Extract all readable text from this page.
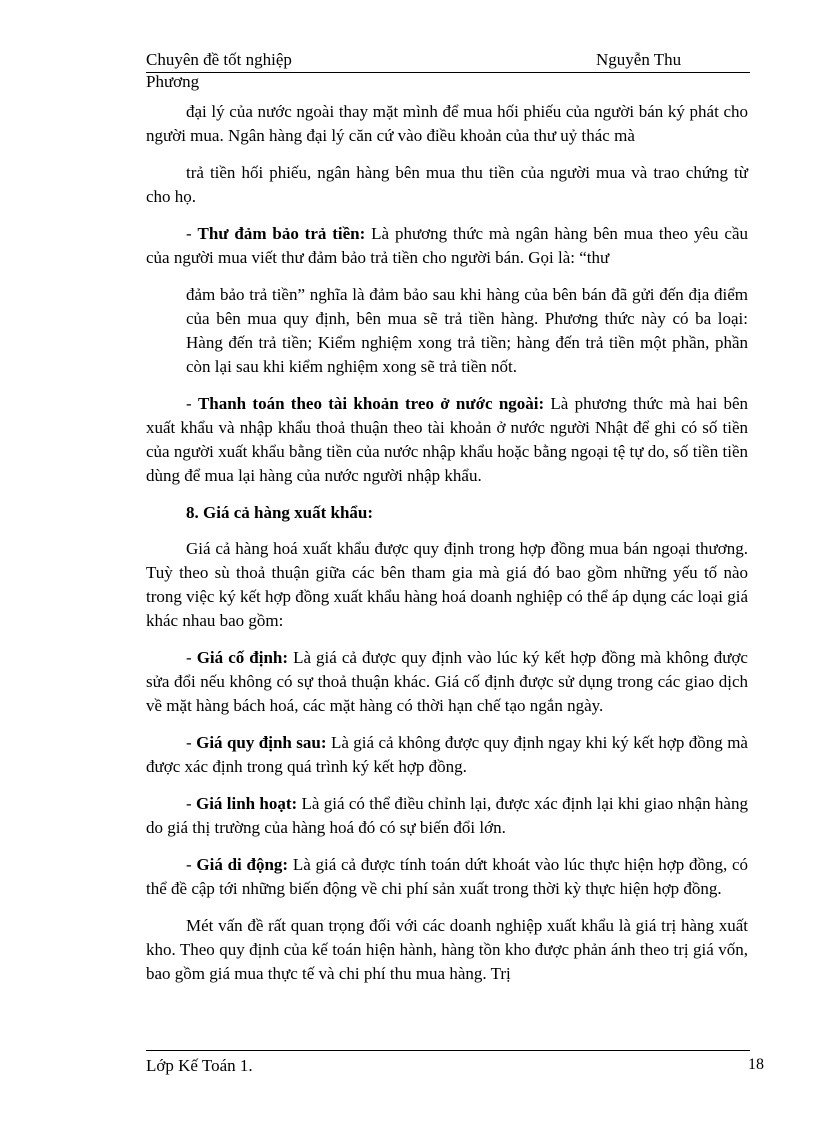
Chuyên đề tốt nghiệp	Nguyễn Thu
Phương

đại lý của nước ngoài thay mặt mình để mua hối phiếu của người bán ký phát cho người mua. Ngân hàng đại lý căn cứ vào điều khoản của thư uỷ thác mà

trả tiền hối phiếu, ngân hàng bên mua thu tiền của người mua và trao chứng từ cho họ.

- Thư đảm bảo trả tiền: Là phương thức mà ngân hàng bên mua theo yêu cầu của người mua viết thư đảm bảo trả tiền cho người bán. Gọi là: “thư

đảm bảo trả tiền” nghĩa là đảm bảo sau khi hàng của bên bán đã gửi đến địa điểm của bên mua quy định, bên mua sẽ trả tiền hàng. Phương thức này có ba loại: Hàng đến trả tiền; Kiểm nghiệm xong trả tiền; hàng đến trả tiền một phần, phần còn lại sau khi kiểm nghiệm xong sẽ trả tiền nốt.

- Thanh toán theo tài khoản treo ở nước ngoài: Là phương thức mà hai bên xuất khẩu và nhập khẩu thoả thuận theo tài khoản ở nước người Nhật để ghi có số tiền của người xuất khẩu bằng tiền của nước nhập khẩu hoặc bằng ngoại tệ tự do, số tiền tiền dùng để mua lại hàng của nước người nhập khẩu.

8. Giá cả hàng xuất khẩu:

Giá cả hàng hoá xuất khẩu được quy định trong hợp đồng mua bán ngoại thương. Tuỳ theo sù thoả thuận giữa các bên tham gia mà giá đó bao gồm những yếu tố nào trong việc ký kết hợp đồng xuất khẩu hàng hoá doanh nghiệp có thể áp dụng các loại giá khác nhau bao gồm:

- Giá cố định: Là giá cả được quy định vào lúc ký kết hợp đồng mà không được sửa đổi nếu không có sự thoả thuận khác. Giá cố định được sử dụng trong các giao dịch về mặt hàng bách hoá, các mặt hàng có thời hạn chế tạo ngắn ngày.

- Giá quy định sau: Là giá cả không được quy định ngay khi ký kết hợp đồng mà được xác định trong quá trình ký kết hợp đồng.

- Giá linh hoạt: Là giá có thể điều chỉnh lại, được xác định lại khi giao nhận hàng do giá thị trường của hàng hoá đó có sự biến đổi lớn.

- Giá di động: Là giá cả được tính toán dứt khoát vào lúc thực hiện hợp đồng, có thể đề cập tới những biến động về chi phí sản xuất trong thời kỳ thực hiện hợp đồng.

Mét vấn đề rất quan trọng đối với các doanh nghiệp xuất khẩu là giá trị hàng xuất kho. Theo quy định của kế toán hiện hành, hàng tồn kho được phản ánh theo trị giá vốn, bao gồm giá mua thực tế và chi phí thu mua hàng. Trị

Lớp Kế Toán 1.	18
